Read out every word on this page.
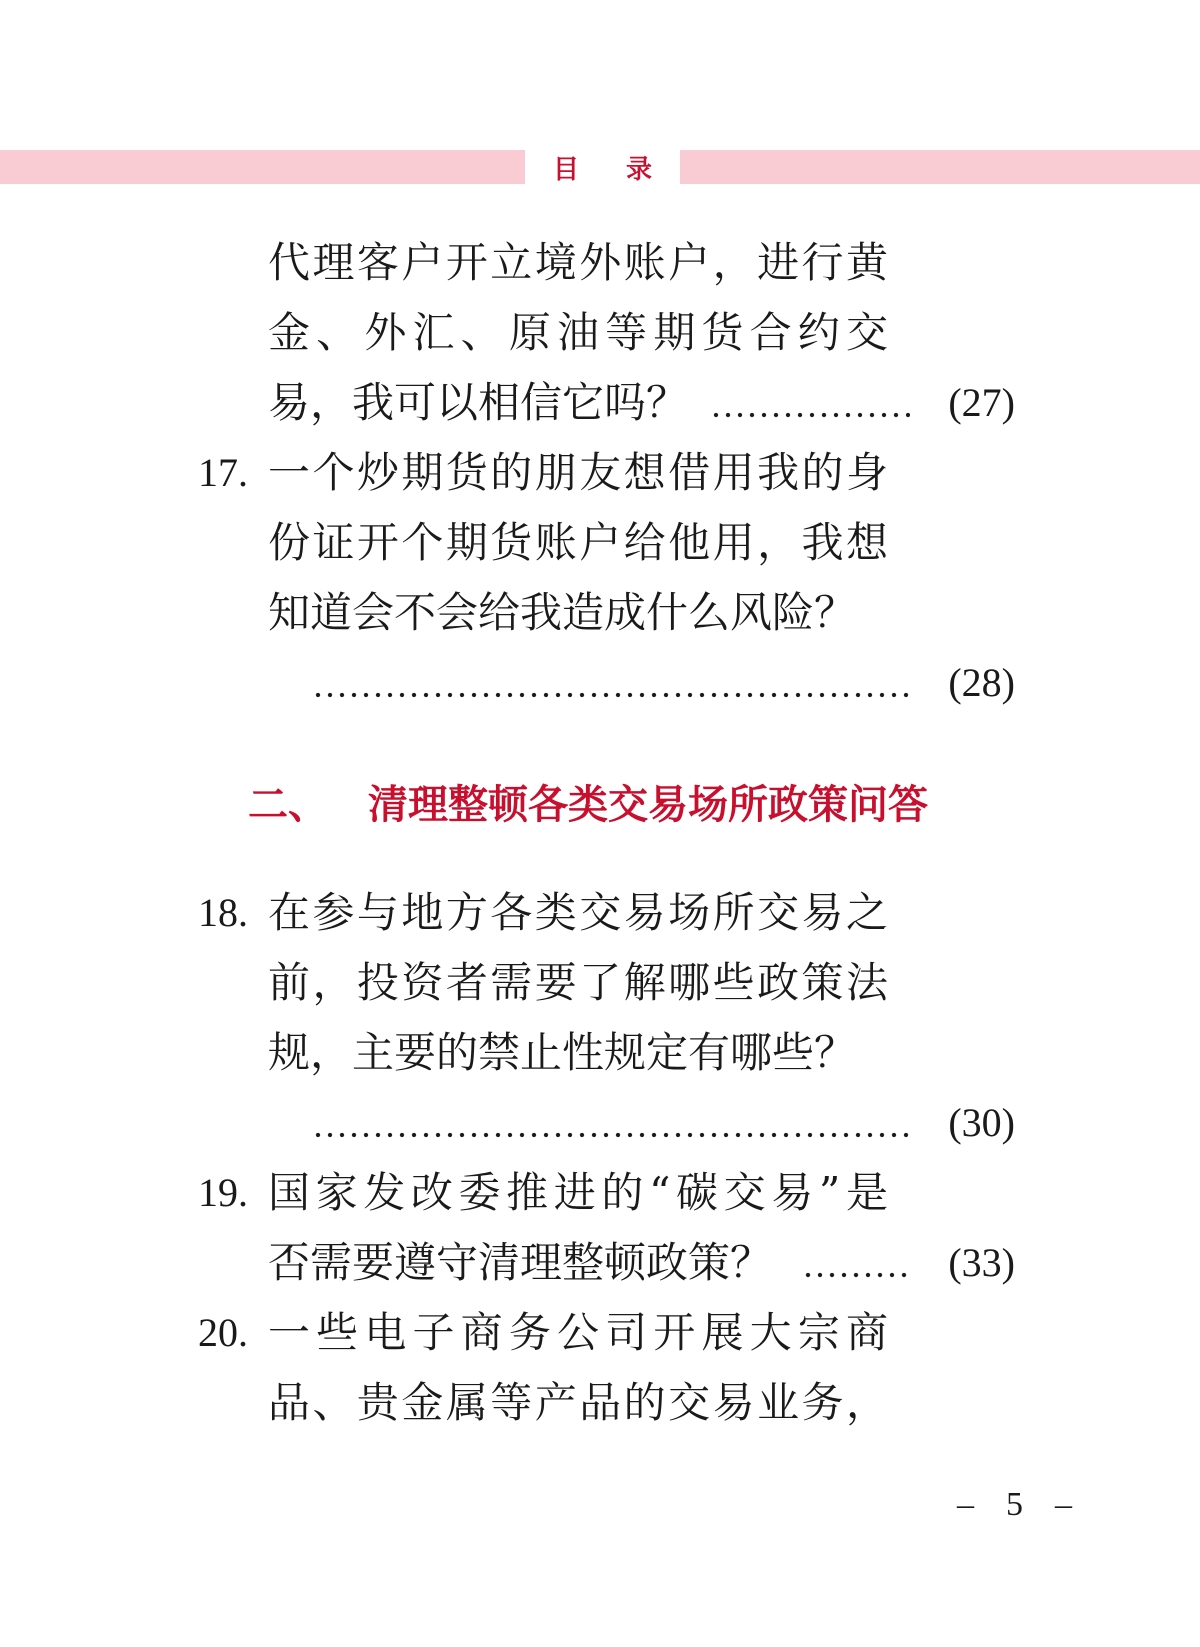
目 录
代理客户开立境外账户，进行黄
金、外汇、原油等期货合约交
易，我可以相信它吗？	(27)
17. 一个炒期货的朋友想借用我的身
份证开个期货账户给他用，我想
知道会不会给我造成什么风险？
(28)
二、 清理整顿各类交易场所政策问答
18. 在参与地方各类交易场所交易之
前，投资者需要了解哪些政策法
规，主要的禁止性规定有哪些？
(30)
19. 国家发改委推进的“碳交易”是
否需要遵守清理整顿政策？	(33)
20. 一些电子商务公司开展大宗商
品、贵金属等产品的交易业务，
– 5 –
